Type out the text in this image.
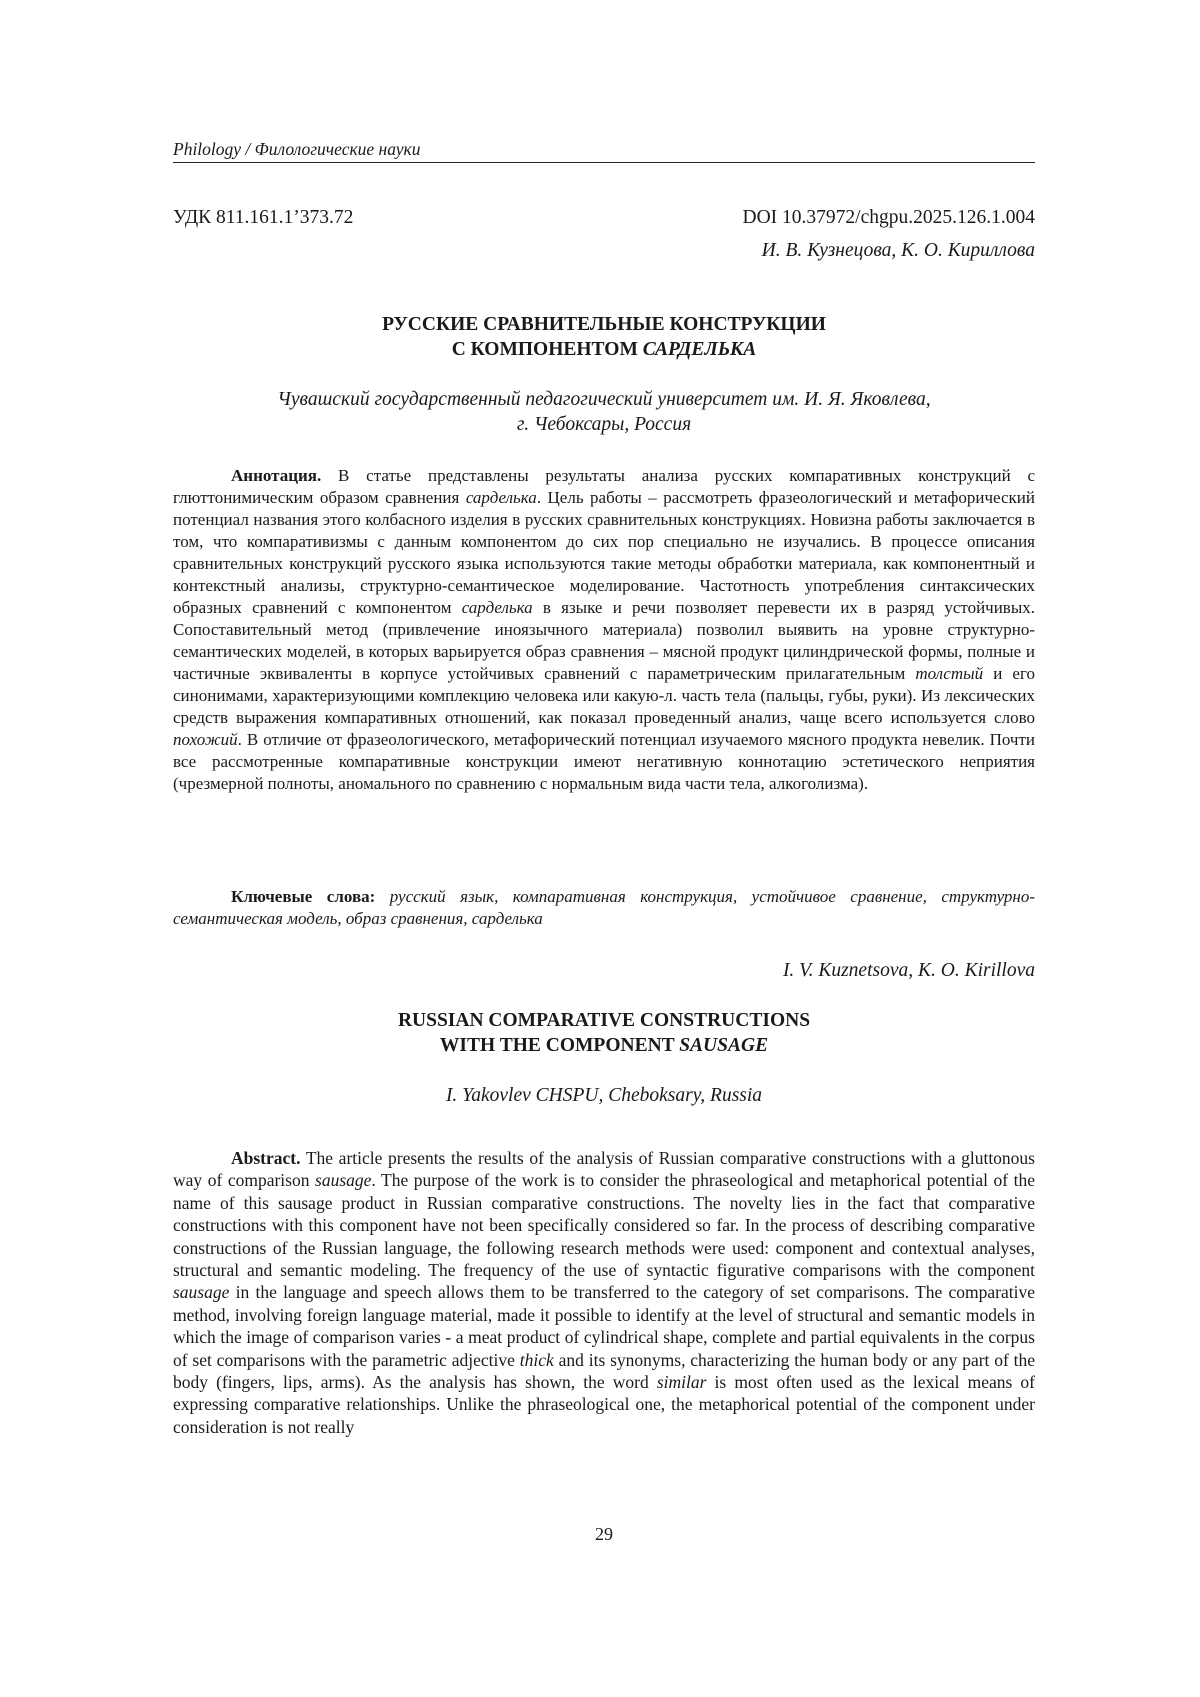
Philology / Филологические науки
УДК 811.161.1’373.72	DOI 10.37972/chgpu.2025.126.1.004
И. В. Кузнецова, К. О. Кириллова
РУССКИЕ СРАВНИТЕЛЬНЫЕ КОНСТРУКЦИИ
С КОМПОНЕНТОМ САРДЕЛЬКА
Чувашский государственный педагогический университет им. И. Я. Яковлева,
г. Чебоксары, Россия

Аннотация. В статье представлены результаты анализа русских компаративных конструкций с глюттонимическим образом сравнения сарделька. Цель работы – рассмотреть фразеологический и метафорический потенциал названия этого колбасного изделия в русских сравнительных конструкциях. Новизна работы заключается в том, что компаративизмы с данным компонентом до сих пор специально не изучались. В процессе описания сравнительных конструкций русского языка используются такие методы обработки материала, как компонентный и контекстный анализы, структурно-семантическое моделирование. Частотность употребления синтаксических образных сравнений с компонентом сарделька в языке и речи позволяет перевести их в разряд устойчивых. Сопоставительный метод (привлечение иноязычного материала) позволил выявить на уровне структурно-семантических моделей, в которых варьируется образ сравнения – мясной продукт цилиндрической формы, полные и частичные эквиваленты в корпусе устойчивых сравнений с параметрическим прилагательным толстый и его синонимами, характеризующими комплекцию человека или какую-л. часть тела (пальцы, губы, руки). Из лексических средств выражения компаративных отношений, как показал проведенный анализ, чаще всего используется слово похожий. В отличие от фразеологического, метафорический потенциал изучаемого мясного продукта невелик. Почти все рассмотренные компаративные конструкции имеют негативную коннотацию эстетического неприятия (чрезмерной полноты, аномального по сравнению с нормальным вида части тела, алкоголизма).

Ключевые слова: русский язык, компаративная конструкция, устойчивое сравнение, структурно-семантическая модель, образ сравнения, сарделька

I. V. Kuznetsova, K. O. Kirillova
RUSSIAN COMPARATIVE CONSTRUCTIONS
WITH THE COMPONENT SAUSAGE
I. Yakovlev CHSPU, Cheboksary, Russia

Abstract. The article presents the results of the analysis of Russian comparative constructions with a gluttonous way of comparison sausage. The purpose of the work is to consider the phraseological and metaphorical potential of the name of this sausage product in Russian comparative constructions. The novelty lies in the fact that comparative constructions with this component have not been specifically considered so far. In the process of describing comparative constructions of the Russian language, the following research methods were used: component and contextual analyses, structural and semantic modeling. The frequency of the use of syntactic figurative comparisons with the component sausage in the language and speech allows them to be transferred to the category of set comparisons. The comparative method, involving foreign language material, made it possible to identify at the level of structural and semantic models in which the image of comparison varies - a meat product of cylindrical shape, complete and partial equivalents in the corpus of set comparisons with the parametric adjective thick and its synonyms, characterizing the human body or any part of the body (fingers, lips, arms). As the analysis has shown, the word similar is most often used as the lexical means of expressing comparative relationships. Unlike the phraseological one, the metaphorical potential of the component under consideration is not really

29
